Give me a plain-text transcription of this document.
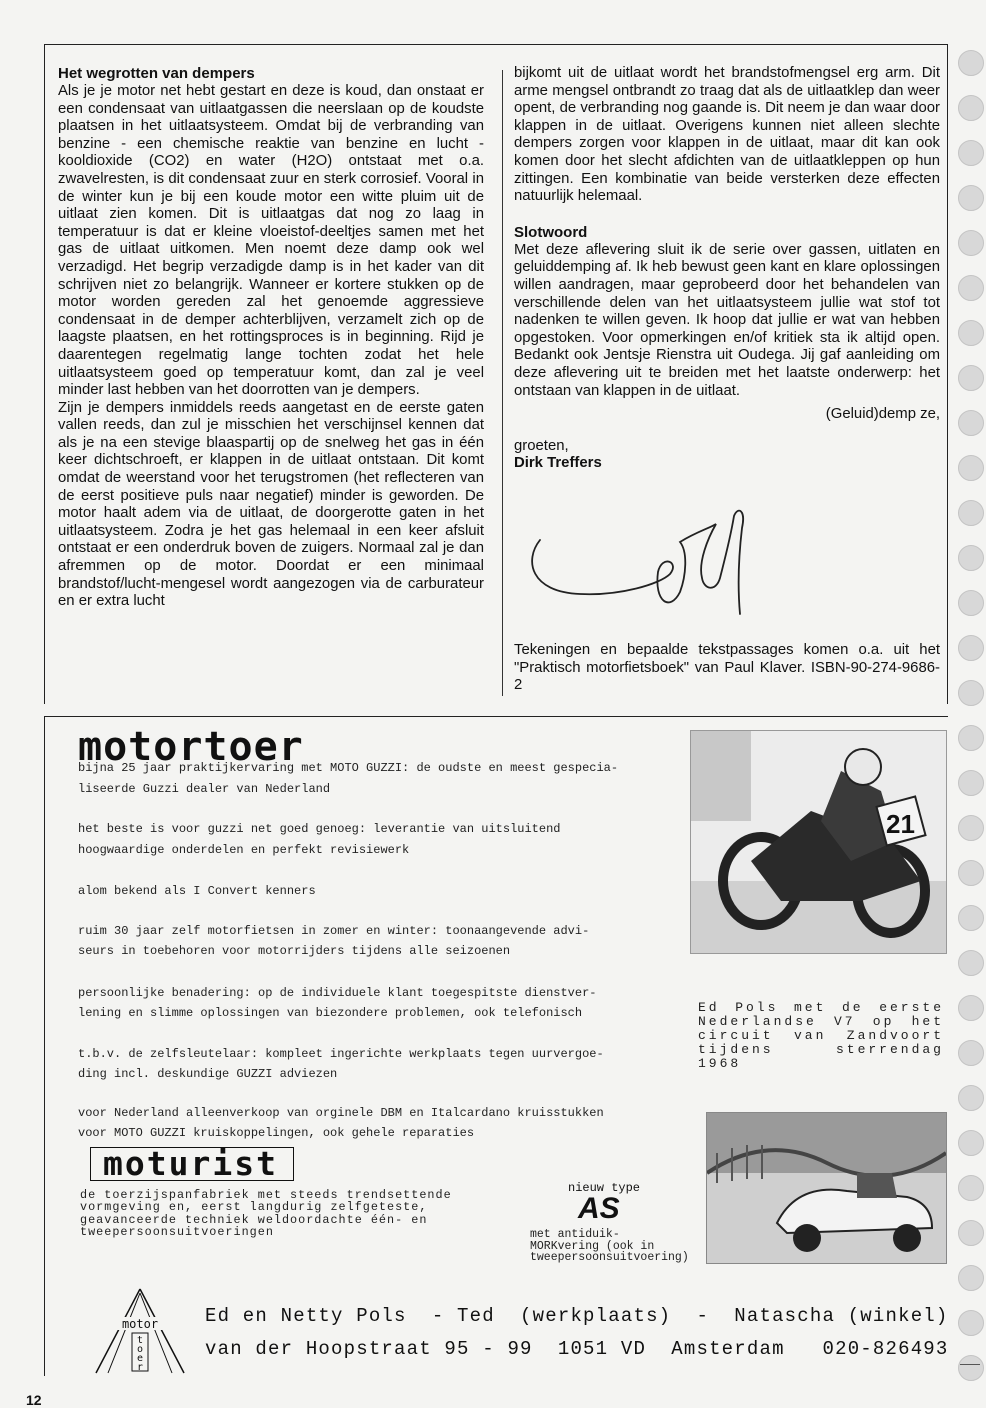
Het wegrotten van dempers

Als je je motor net hebt gestart en deze is koud, dan onstaat er een condensaat van uitlaatgassen die neerslaan op de koudste plaatsen in het uitlaatsysteem. Omdat bij de verbranding van benzine - een chemische reaktie van benzine en lucht - kooldioxide (CO2) en water (H2O) ontstaat met o.a. zwavelresten, is dit condensaat zuur en sterk corrosief. Vooral in de winter kun je bij een koude motor een witte pluim uit de uitlaat zien komen. Dit is uitlaatgas dat nog zo laag in temperatuur is dat er kleine vloeistof-deeltjes samen met het gas de uitlaat uitkomen. Men noemt deze damp ook wel verzadigd. Het begrip verzadigde damp is in het kader van dit schrijven niet zo belangrijk. Wanneer er kortere stukken op de motor worden gereden zal het genoemde aggressieve condensaat in de demper achterblijven, verzamelt zich op de laagste plaatsen, en het rottingsproces is in beginning. Rijd je daarentegen regelmatig lange tochten zodat het hele uitlaatsysteem goed op temperatuur komt, dan zal je veel minder last hebben van het doorrotten van je dempers.

Zijn je dempers inmiddels reeds aangetast en de eerste gaten vallen reeds, dan zul je misschien het verschijnsel kennen dat als je na een stevige blaaspartij op de snelweg het gas in één keer dichtschroeft, er klappen in de uitlaat ontstaan. Dit komt omdat de weerstand voor het terugstromen (het reflecteren van de eerst positieve puls naar negatief) minder is geworden. De motor haalt adem via de uitlaat, de doorgerotte gaten in het uitlaatsysteem. Zodra je het gas helemaal in een keer afsluit ontstaat er een onderdruk boven de zuigers. Normaal zal je dan afremmen op de motor. Doordat er een minimaal brandstof/lucht-mengesel wordt aangezogen via de carburateur en er extra lucht

bijkomt uit de uitlaat wordt het brandstofmengsel erg arm. Dit arme mengsel ontbrandt zo traag dat als de uitlaatklep dan weer opent, de verbranding nog gaande is. Dit neem je dan waar door klappen in de uitlaat. Overigens kunnen niet alleen slechte dempers zorgen voor klappen in de uitlaat, maar dit kan ook komen door het slecht afdichten van de uitlaatkleppen op hun zittingen. Een kombinatie van beide versterken deze effecten natuurlijk helemaal.

Slotwoord

Met deze aflevering sluit ik de serie over gassen, uitlaten en geluiddemping af. Ik heb bewust geen kant en klare oplossingen willen aandragen, maar geprobeerd door het behandelen van verschillende delen van het uitlaatsysteem jullie wat stof tot nadenken te willen geven. Ik hoop dat jullie er wat van hebben opgestoken. Voor opmerkingen en/of kritiek sta ik altijd open. Bedankt ook Jentsje Rienstra uit Oudega. Jij gaf aanleiding om deze aflevering uit te breiden met het laatste onderwerp: het ontstaan van klappen in de uitlaat.

(Geluid)demp ze,
groeten,
Dirk Treffers
Tekeningen en bepaalde tekstpassages komen o.a. uit het "Praktisch motorfietsboek" van Paul Klaver. ISBN-90-274-9686-2
motortoer
bijna 25 jaar praktijkervaring met MOTO GUZZI: de oudste en meest gespecia-
liseerde Guzzi dealer van Nederland
het beste is voor guzzi net goed genoeg: leverantie van uitsluitend
hoogwaardige onderdelen en perfekt revisiewerk
alom bekend als I Convert kenners
ruim 30 jaar zelf motorfietsen in zomer en winter: toonaangevende advi-
seurs in toebehoren voor motorrijders tijdens alle seizoenen
persoonlijke benadering: op de individuele klant toegespitste dienstver-
lening en slimme oplossingen van biezondere problemen, ook telefonisch
t.b.v. de zelfsleutelaar: kompleet ingerichte werkplaats tegen uurvergoe-
ding incl. deskundige GUZZI adviezen
voor Nederland alleenverkoop van orginele DBM en Italcardano kruisstukken
voor MOTO GUZZI kruiskoppelingen, ook gehele reparaties
21
Ed Pols met de eerste Nederlandse V7 op het circuit van Zandvoort tijdens sterrendag 1968
moturist
de toerzijspanfabriek met steeds trendsettende vormgeving en, eerst langdurig zelfgeteste, geavanceerde techniek weldoordachte één- en tweepersoonsuitvoeringen
nieuw type
AS
met antiduik- MORKvering (ook in tweepersoonsuitvoering)
motor
t o e r
Ed en Netty Pols  - Ted  (werkplaats)  -  Natascha (winkel)
van der Hoopstraat 95 - 99  1051 VD  Amsterdam   020-826493
12
